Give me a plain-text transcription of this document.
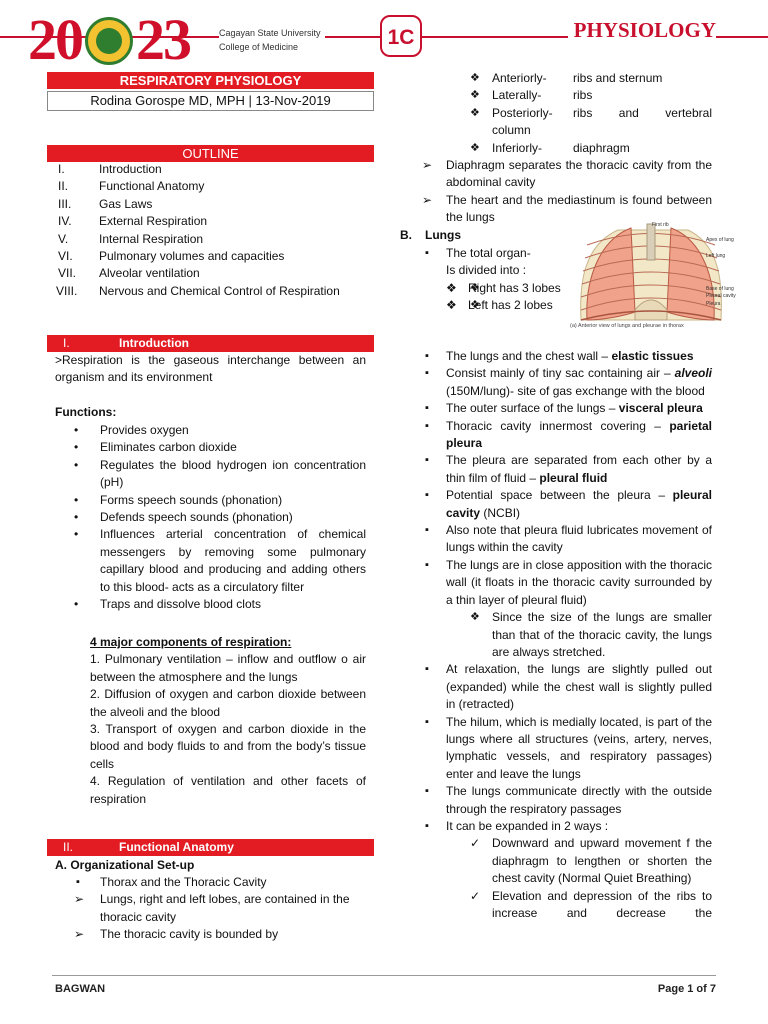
20 23	Cagayan State University
College of Medicine	1C	PHYSIOLOGY
RESPIRATORY PHYSIOLOGY
Rodina Gorospe MD, MPH | 13-Nov-2019
OUTLINE
I.	Introduction
II.	Functional Anatomy
III. Gas Laws
IV. External Respiration
V.	Internal Respiration
VI. Pulmonary volumes and capacities
VII. Alveolar ventilation
VIII. Nervous and Chemical Control of Respiration
I.	Introduction
>Respiration is the gaseous interchange between an organism and its environment
Functions:
• Provides oxygen
• Eliminates carbon dioxide
• Regulates the blood hydrogen ion concentration (pH)
• Forms speech sounds (phonation)
• Defends speech sounds (phonation)
• Influences arterial concentration of chemical messengers by removing some pulmonary capillary blood and producing and adding others to this blood- acts as a circulatory filter
• Traps and dissolve blood clots

4 major components of respiration:

1. Pulmonary ventilation – inflow and outflow o air between the atmosphere and the lungs

2. Diffusion of oxygen and carbon dioxide between the alveoli and the blood

3. Transport of oxygen and carbon dioxide in the blood and body fluids to and from the body’s tissue cells

4. Regulation of ventilation and other facets of respiration

II.	Functional Anatomy
A. Organizational Set-up
▪ Thorax and the Thoracic Cavity
➢ Lungs, right and left lobes, are contained in the thoracic cavity
➢ The thoracic cavity is bounded by
❖ Anteriorly- ribs and sternum
❖ Laterally-	ribs
❖ Posteriorly- ribs and vertebral
column
❖ Inferiorly-	diaphragm
➢ Diaphragm separates the thoracic cavity from the abdominal cavity
➢ The heart and the mediastinum is found between the lungs
B. Lungs
▪ The total organ-
Is divided into :
❖ ❖ Right has 3 lobes
❖ ❖ Left has 2 lobes
First rib
Apex of lung
Left lung
Base of lung
Pleural cavity
Pleura
(a) Anterior view of lungs and pleurae in thorax
▪ The lungs and the chest wall – elastic tissues
▪ Consist mainly of tiny sac containing air – alveoli (150M/lung)- site of gas exchange with the blood
▪ The outer surface of the lungs – visceral pleura
▪ Thoracic cavity innermost covering – parietal pleura
▪ The pleura are separated from each other by a thin film of fluid – pleural fluid
▪ Potential space between the pleura – pleural cavity (NCBI)
▪ Also note that pleura fluid lubricates movement of lungs within the cavity
▪ The lungs are in close apposition with the thoracic wall (it floats in the thoracic cavity surrounded by a thin layer of pleural fluid)
❖ Since the size of the lungs are smaller than that of the thoracic cavity, the lungs are always stretched.
▪ At relaxation, the lungs are slightly pulled out (expanded) while the chest wall is slightly pulled in (retracted)
▪ The hilum, which is medially located, is part of the lungs where all structures (veins, artery, nerves, lymphatic vessels, and respiratory passages) enter and leave the lungs
▪ The lungs communicate directly with the outside through the respiratory passages
▪ It can be expanded in 2 ways :
✓ Downward and upward movement f the diaphragm to lengthen or shorten the chest cavity (Normal Quiet Breathing)
✓ Elevation and depression of the ribs to increase and decrease the
BAGWAN	Page 1 of 7
